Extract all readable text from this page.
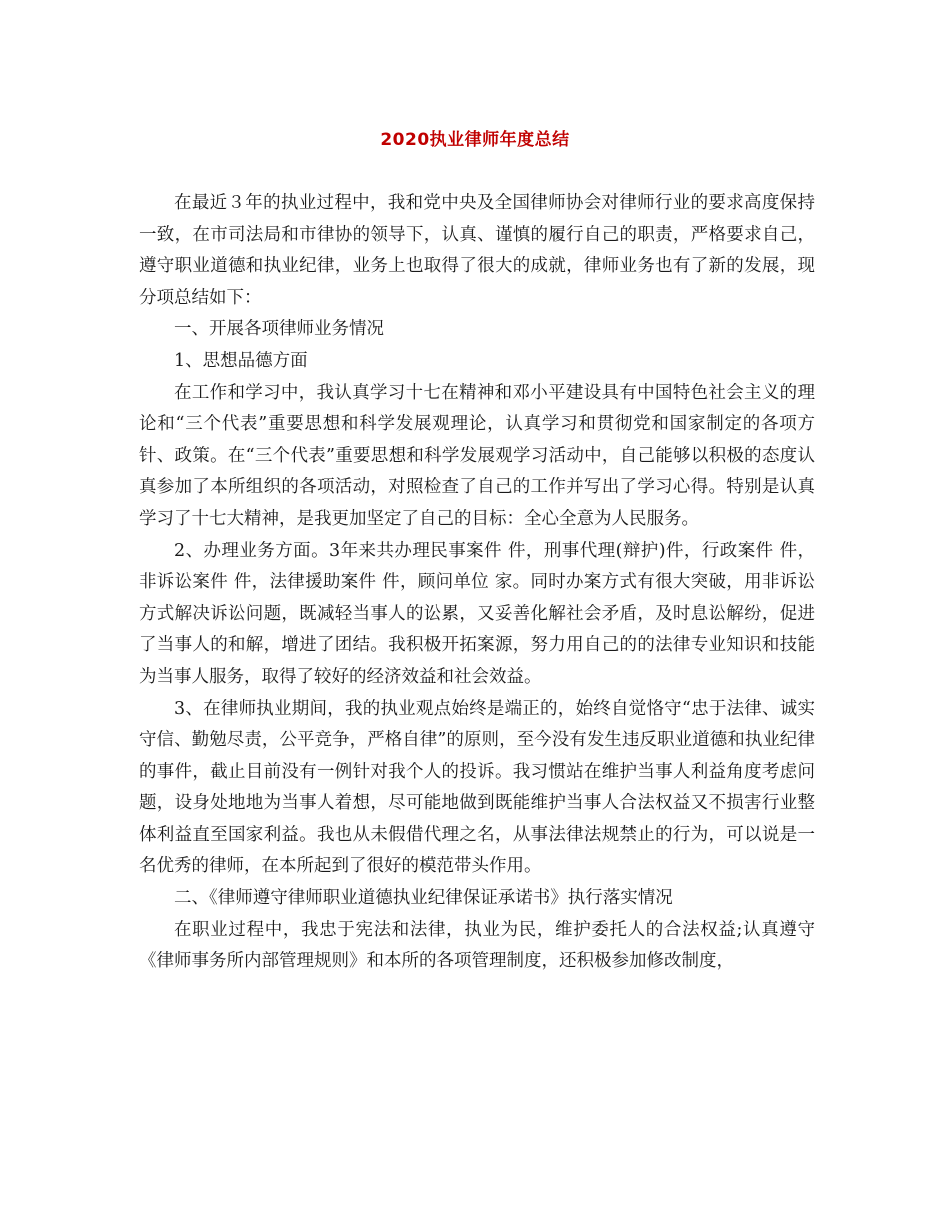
2020执业律师年度总结

在最近３年的执业过程中，我和党中央及全国律师协会对律师行业的要求高度保持一致，在市司法局和市律协的领导下，认真、谨慎的履行自己的职责，严格要求自己，遵守职业道德和执业纪律，业务上也取得了很大的成就，律师业务也有了新的发展，现分项总结如下：

一、开展各项律师业务情况

1、思想品德方面

在工作和学习中，我认真学习十七在精神和邓小平建设具有中国特色社会主义的理论和“三个代表”重要思想和科学发展观理论，认真学习和贯彻党和国家制定的各项方针、政策。在“三个代表”重要思想和科学发展观学习活动中，自己能够以积极的态度认真参加了本所组织的各项活动，对照检查了自己的工作并写出了学习心得。特别是认真学习了十七大精神，是我更加坚定了自己的目标：全心全意为人民服务。

2、办理业务方面。3年来共办理民事案件 件，刑事代理(辩护)件，行政案件 件，非诉讼案件 件，法律援助案件 件，顾问单位 家。同时办案方式有很大突破，用非诉讼方式解决诉讼问题，既减轻当事人的讼累，又妥善化解社会矛盾，及时息讼解纷，促进了当事人的和解，增进了团结。我积极开拓案源，努力用自己的的法律专业知识和技能为当事人服务，取得了较好的经济效益和社会效益。

3、在律师执业期间，我的执业观点始终是端正的，始终自觉恪守“忠于法律、诚实守信、勤勉尽责，公平竞争，严格自律”的原则，至今没有发生违反职业道德和执业纪律的事件，截止目前没有一例针对我个人的投诉。我习惯站在维护当事人利益角度考虑问题，设身处地地为当事人着想，尽可能地做到既能维护当事人合法权益又不损害行业整体利益直至国家利益。我也从未假借代理之名，从事法律法规禁止的行为，可以说是一名优秀的律师，在本所起到了很好的模范带头作用。

二、《律师遵守律师职业道德执业纪律保证承诺书》执行落实情况

在职业过程中，我忠于宪法和法律，执业为民，维护委托人的合法权益;认真遵守《律师事务所内部管理规则》和本所的各项管理制度，还积极参加修改制度，
